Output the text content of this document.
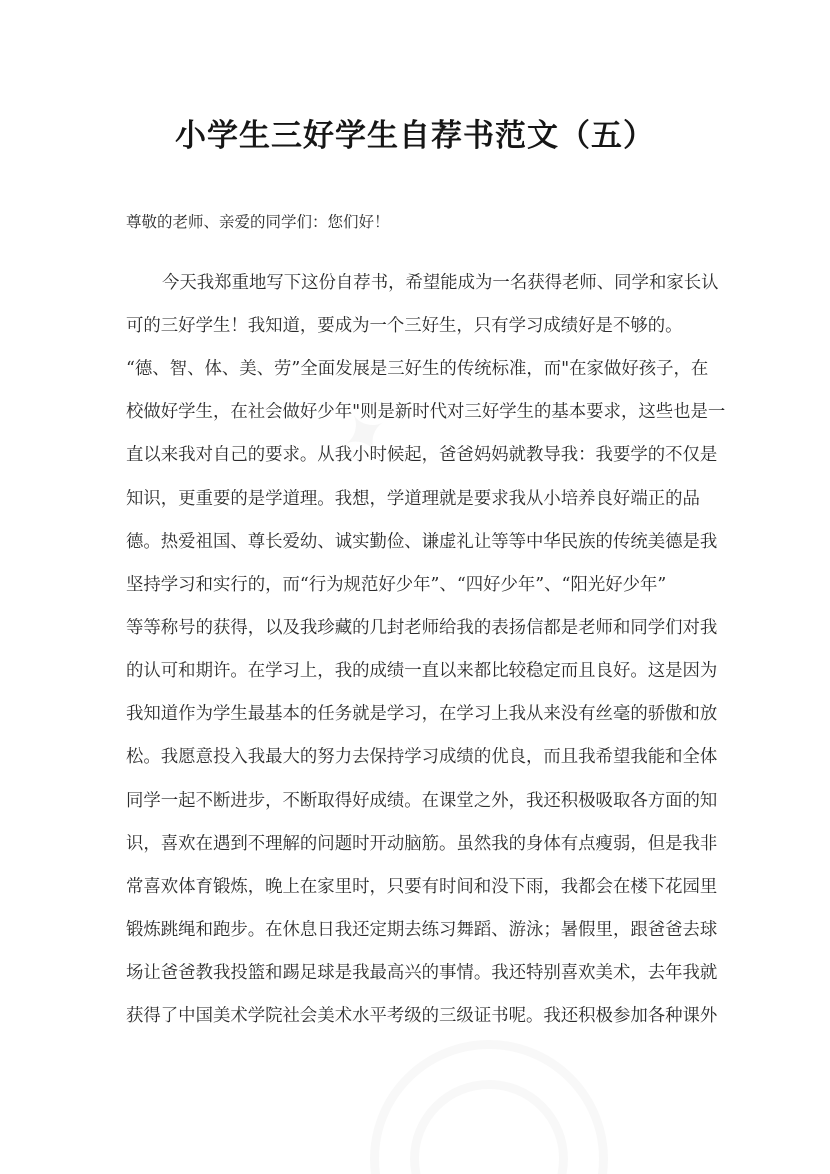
小学生三好学生自荐书范文（五）
尊敬的老师、亲爱的同学们：您们好！
今天我郑重地写下这份自荐书，希望能成为一名获得老师、同学和家长认
可的三好学生！我知道，要成为一个三好生，只有学习成绩好是不够的。
“德、智、体、美、劳”全面发展是三好生的传统标准，而"在家做好孩子，在
校做好学生，在社会做好少年"则是新时代对三好学生的基本要求，这些也是一
直以来我对自己的要求。从我小时候起，爸爸妈妈就教导我：我要学的不仅是
知识，更重要的是学道理。我想，学道理就是要求我从小培养良好端正的品
德。热爱祖国、尊长爱幼、诚实勤俭、谦虚礼让等等中华民族的传统美德是我
坚持学习和实行的，而“行为规范好少年”、“四好少年”、“阳光好少年”
等等称号的获得，以及我珍藏的几封老师给我的表扬信都是老师和同学们对我
的认可和期许。在学习上，我的成绩一直以来都比较稳定而且良好。这是因为
我知道作为学生最基本的任务就是学习，在学习上我从来没有丝毫的骄傲和放
松。我愿意投入我最大的努力去保持学习成绩的优良，而且我希望我能和全体
同学一起不断进步，不断取得好成绩。在课堂之外，我还积极吸取各方面的知
识，喜欢在遇到不理解的问题时开动脑筋。虽然我的身体有点瘦弱，但是我非
常喜欢体育锻炼，晚上在家里时，只要有时间和没下雨，我都会在楼下花园里
锻炼跳绳和跑步。在休息日我还定期去练习舞蹈、游泳；暑假里，跟爸爸去球
场让爸爸教我投篮和踢足球是我最高兴的事情。我还特别喜欢美术，去年我就
获得了中国美术学院社会美术水平考级的三级证书呢。我还积极参加各种课外
